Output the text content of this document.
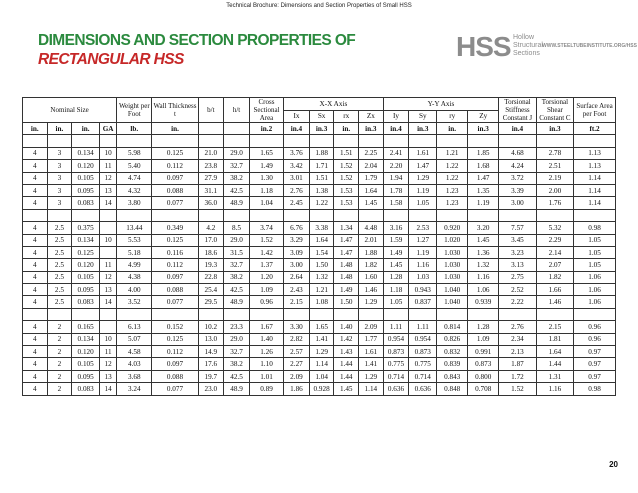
Technical Brochure: Dimensions and Section Properties of Small HSS
DIMENSIONS AND SECTION PROPERTIES OF
RECTANGULAR HSS	HSS Hollow
Structural
Sections
WWW.STEELTUBEINSTITUTE.ORG/HSS
Nominal Size				Weight per Foot	Wall Thickness t	b/t	h/t	Cross Sectional Area	X-X Axis				Y-Y Axis				Torsional Stiffness Constant J	Torsional Shear Constant C	Surface Area per Foot
									Ix	Sx	rx	Zx	Iy	Sy	ry	Zy			
in.	in.	in.	GA	lb.	in.			in.2	in.4	in.3	in.	in.3	in.4	in.3	in.	in.3	in.4	in.3	ft.2

4	3	0.134	10	5.98	0.125	21.0	29.0	1.65	3.76	1.88	1.51	2.25	2.41	1.61	1.21	1.85	4.68	2.78	1.13
4	3	0.120	11	5.40	0.112	23.8	32.7	1.49	3.42	1.71	1.52	2.04	2.20	1.47	1.22	1.68	4.24	2.51	1.13
4	3	0.105	12	4.74	0.097	27.9	38.2	1.30	3.01	1.51	1.52	1.79	1.94	1.29	1.22	1.47	3.72	2.19	1.14
4	3	0.095	13	4.32	0.088	31.1	42.5	1.18	2.76	1.38	1.53	1.64	1.78	1.19	1.23	1.35	3.39	2.00	1.14
4	3	0.083	14	3.80	0.077	36.0	48.9	1.04	2.45	1.22	1.53	1.45	1.58	1.05	1.23	1.19	3.00	1.76	1.14

4	2.5	0.375		13.44	0.349	4.2	8.5	3.74	6.76	3.38	1.34	4.48	3.16	2.53	0.920	3.20	7.57	5.32	0.98
4	2.5	0.134	10	5.53	0.125	17.0	29.0	1.52	3.29	1.64	1.47	2.01	1.59	1.27	1.020	1.45	3.45	2.29	1.05
4	2.5	0.125		5.18	0.116	18.6	31.5	1.42	3.09	1.54	1.47	1.88	1.49	1.19	1.030	1.36	3.23	2.14	1.05
4	2.5	0.120	11	4.99	0.112	19.3	32.7	1.37	3.00	1.50	1.48	1.82	1.45	1.16	1.030	1.32	3.13	2.07	1.05
4	2.5	0.105	12	4.38	0.097	22.8	38.2	1.20	2.64	1.32	1.48	1.60	1.28	1.03	1.030	1.16	2.75	1.82	1.06
4	2.5	0.095	13	4.00	0.088	25.4	42.5	1.09	2.43	1.21	1.49	1.46	1.18	0.943	1.040	1.06	2.52	1.66	1.06
4	2.5	0.083	14	3.52	0.077	29.5	48.9	0.96	2.15	1.08	1.50	1.29	1.05	0.837	1.040	0.939	2.22	1.46	1.06

4	2	0.165		6.13	0.152	10.2	23.3	1.67	3.30	1.65	1.40	2.09	1.11	1.11	0.814	1.28	2.76	2.15	0.96
4	2	0.134	10	5.07	0.125	13.0	29.0	1.40	2.82	1.41	1.42	1.77	0.954	0.954	0.826	1.09	2.34	1.81	0.96
4	2	0.120	11	4.58	0.112	14.9	32.7	1.26	2.57	1.29	1.43	1.61	0.873	0.873	0.832	0.991	2.13	1.64	0.97
4	2	0.105	12	4.03	0.097	17.6	38.2	1.10	2.27	1.14	1.44	1.41	0.775	0.775	0.839	0.873	1.87	1.44	0.97
4	2	0.095	13	3.68	0.088	19.7	42.5	1.01	2.09	1.04	1.44	1.29	0.714	0.714	0.843	0.800	1.72	1.31	0.97
4	2	0.083	14	3.24	0.077	23.0	48.9	0.89	1.86	0.928	1.45	1.14	0.636	0.636	0.848	0.708	1.52	1.16	0.98
20
